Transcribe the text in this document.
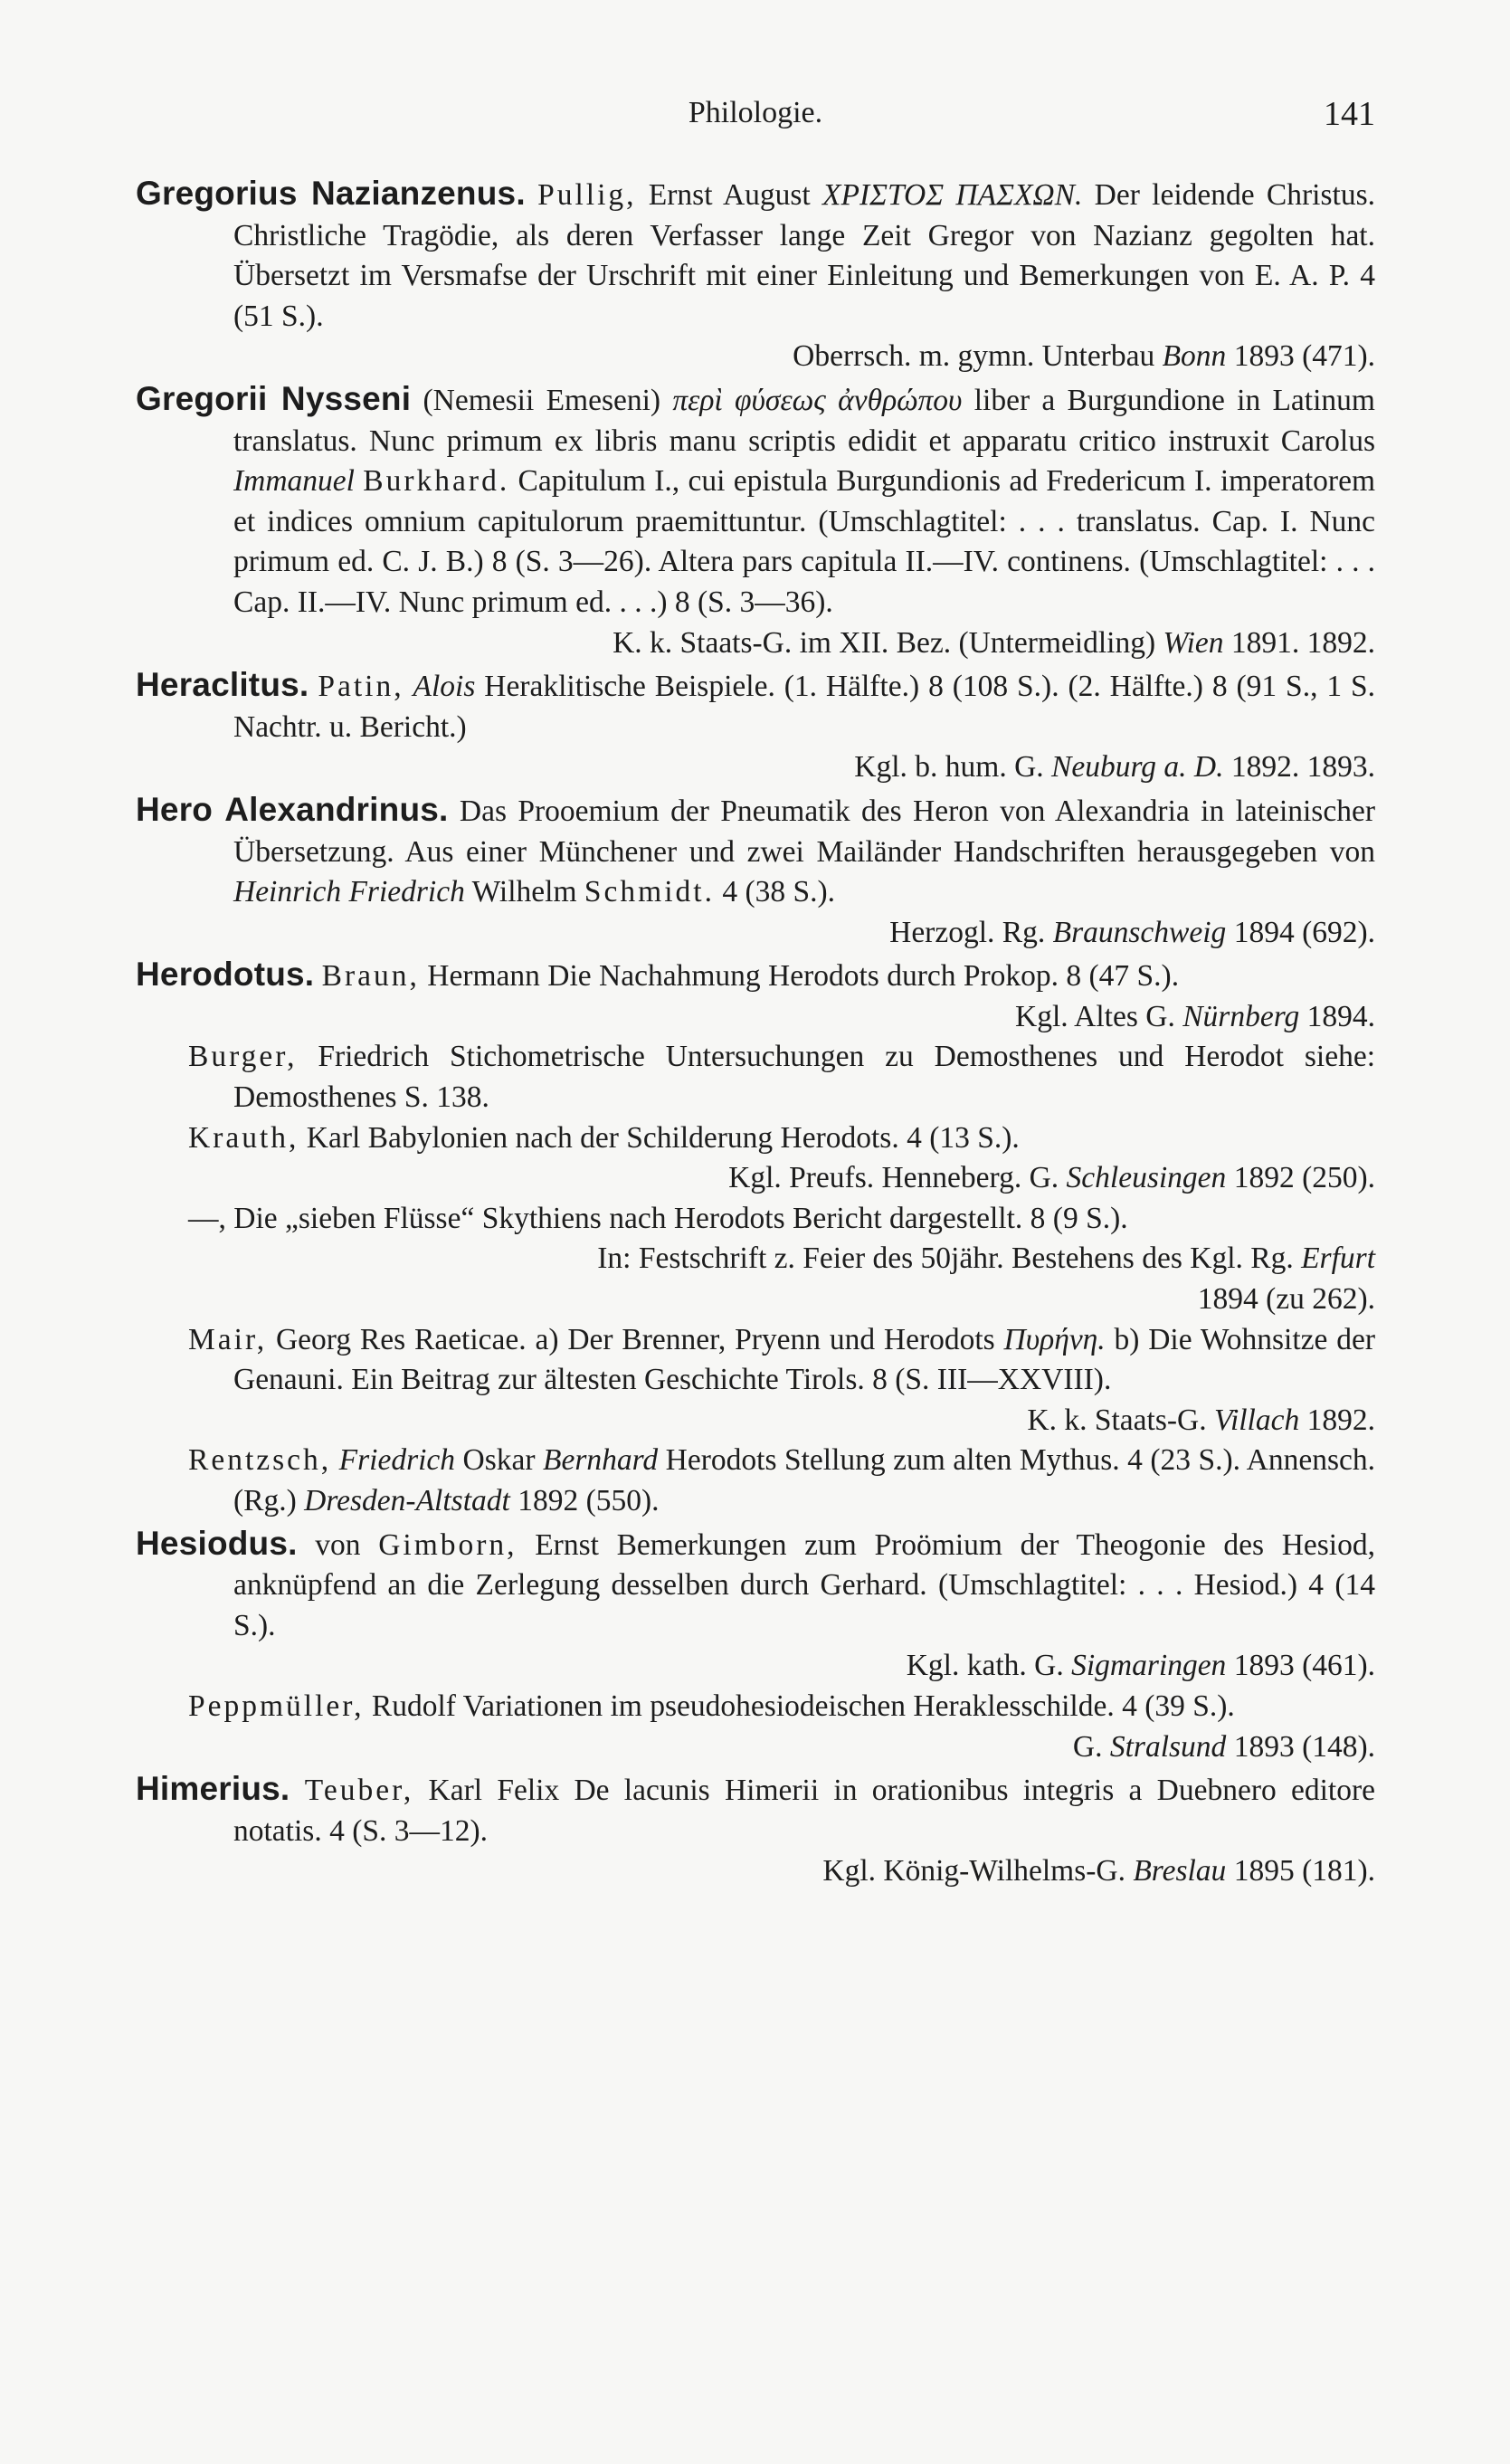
Philologie.	141

Gregorius Nazianzenus. Pullig, Ernst August ΧΡΙΣΤΟΣ ΠΑΣΧΩΝ. Der leidende Christus. Christliche Tragödie, als deren Verfasser lange Zeit Gregor von Nazianz gegolten hat. Übersetzt im Versmafse der Urschrift mit einer Einleitung und Bemerkungen von E. A. P. 4 (51 S.).
Oberrsch. m. gymn. Unterbau Bonn 1893 (471).

Gregorii Nysseni (Nemesii Emeseni) περὶ φύσεως ἀνθρώπου liber a Burgundione in Latinum translatus. Nunc primum ex libris manu scriptis edidit et apparatu critico instruxit Carolus Immanuel Burkhard. Capitulum I., cui epistula Burgundionis ad Fredericum I. imperatorem et indices omnium capitulorum praemittuntur. (Umschlagtitel: . . . translatus. Cap. I. Nunc primum ed. C. J. B.) 8 (S. 3—26). Altera pars capitula II.—IV. continens. (Umschlagtitel: . . . Cap. II.—IV. Nunc primum ed. . . .) 8 (S. 3—36).
K. k. Staats-G. im XII. Bez. (Untermeidling) Wien 1891. 1892.

Heraclitus. Patin, Alois Heraklitische Beispiele. (1. Hälfte.) 8 (108 S.). (2. Hälfte.) 8 (91 S., 1 S. Nachtr. u. Bericht.)
Kgl. b. hum. G. Neuburg a. D. 1892. 1893.

Hero Alexandrinus. Das Prooemium der Pneumatik des Heron von Alexandria in lateinischer Übersetzung. Aus einer Münchener und zwei Mailänder Handschriften herausgegeben von Heinrich Friedrich Wilhelm Schmidt. 4 (38 S.).
Herzogl. Rg. Braunschweig 1894 (692).

Herodotus. Braun, Hermann Die Nachahmung Herodots durch Prokop. 8 (47 S.).
Kgl. Altes G. Nürnberg 1894.

Burger, Friedrich Stichometrische Untersuchungen zu Demosthenes und Herodot siehe: Demosthenes S. 138.

Krauth, Karl Babylonien nach der Schilderung Herodots. 4 (13 S.).
Kgl. Preufs. Henneberg. G. Schleusingen 1892 (250).

—, Die „sieben Flüsse“ Skythiens nach Herodots Bericht dargestellt. 8 (9 S.).
In: Festschrift z. Feier des 50jähr. Bestehens des Kgl. Rg. Erfurt
1894 (zu 262).

Mair, Georg Res Raeticae. a) Der Brenner, Pryenn und Herodots Πυρήνη. b) Die Wohnsitze der Genauni. Ein Beitrag zur ältesten Geschichte Tirols. 8 (S. III—XXVIII).
K. k. Staats-G. Villach 1892.

Rentzsch, Friedrich Oskar Bernhard Herodots Stellung zum alten Mythus. 4 (23 S.). Annensch. (Rg.) Dresden-Altstadt 1892 (550).

Hesiodus. von Gimborn, Ernst Bemerkungen zum Proömium der Theogonie des Hesiod, anknüpfend an die Zerlegung desselben durch Gerhard. (Umschlagtitel: . . . Hesiod.) 4 (14 S.).
Kgl. kath. G. Sigmaringen 1893 (461).

Peppmüller, Rudolf Variationen im pseudohesiodeischen Heraklesschilde. 4 (39 S.).
G. Stralsund 1893 (148).

Himerius. Teuber, Karl Felix De lacunis Himerii in orationibus integris a Duebnero editore notatis. 4 (S. 3—12).
Kgl. König-Wilhelms-G. Breslau 1895 (181).
